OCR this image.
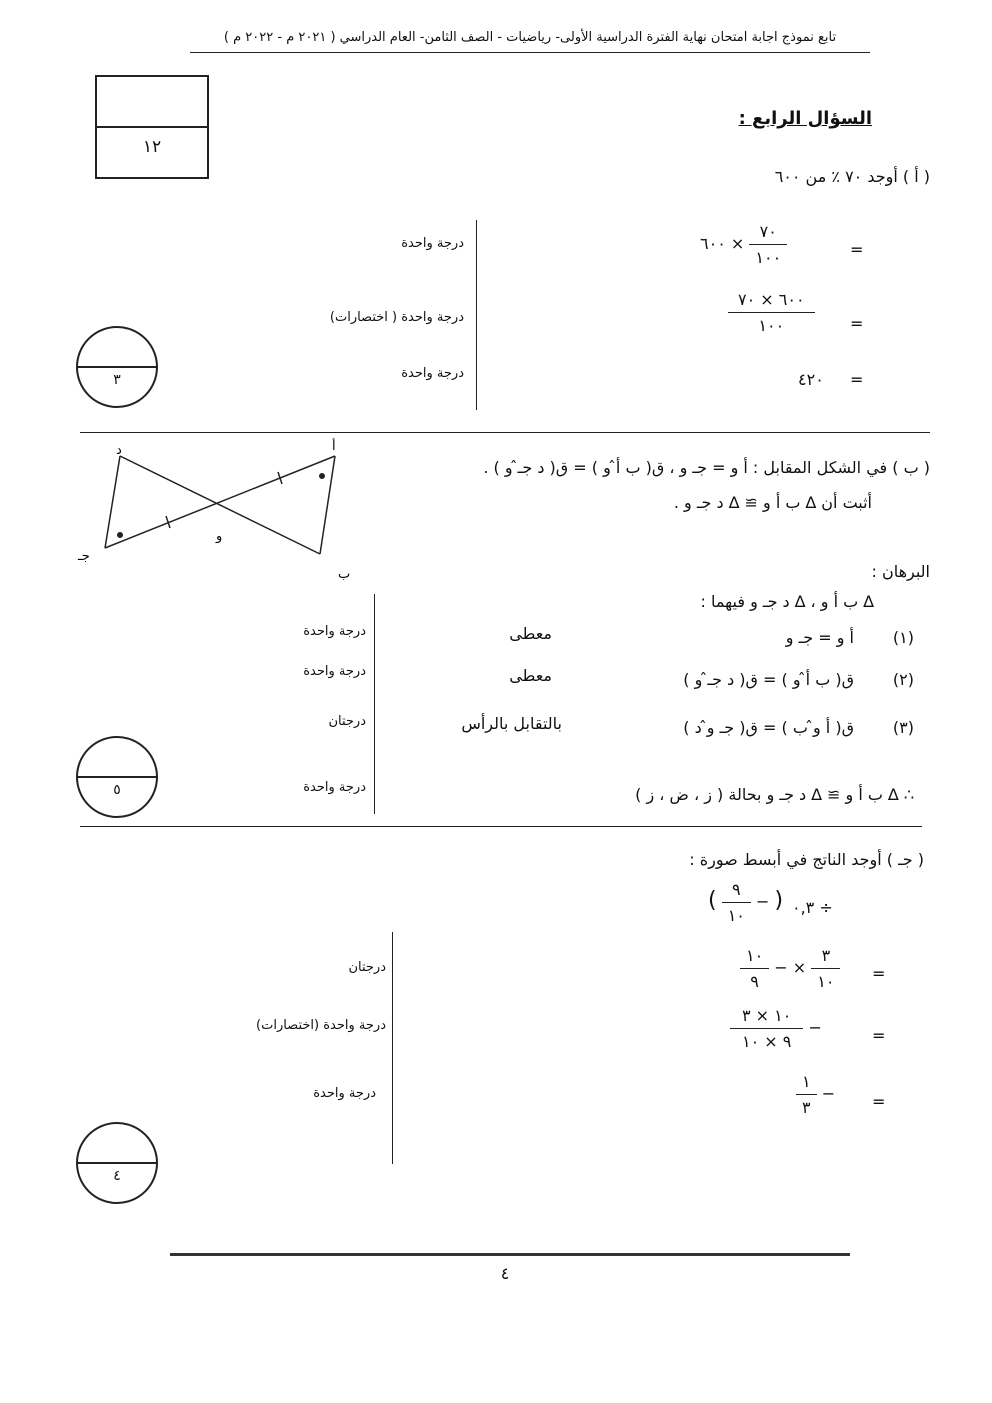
تابع نموذج اجابة امتحان نهاية الفترة الدراسية الأولى- رياضيات - الصف الثامن- العام الدراسي ( ٢٠٢١ م - ٢٠٢٢ م )
١٢
السؤال الرابع :
( أ ) أوجد ٧٠ ٪ من ٦٠٠
٦٠٠ × $\frac{٧٠}{١٠٠}$	=
$\frac{٦٠٠ \times ٧٠}{١٠٠}$ =
٤٢٠ =
درجة واحدة
درجة واحدة ( اختصارات)
درجة واحدة
٣
( ب ) في الشكل المقابل : أ و = جـ و ، ق( ب أ̂ و ) = ق( د جـ̂ و ) .
أثبت أن ∆ ب أ و ≅ ∆ د جـ و .
أ
د
جـ
ب
و
البرهان :
∆ ب أ و ، ∆ د جـ و فيهما :
(١)
أ و = جـ و
معطى
درجة واحدة
(٢)
ق( ب أ̂ و ) = ق( د جـ̂ و )
معطى
درجة واحدة
(٣)
ق( أ و̂ ب ) = ق( جـ و̂ د )
بالتقابل بالرأس
درجتان
∴ ∆ ب أ و ≅ ∆ د جـ و بحالة ( ز ، ض ، ز )
درجة واحدة
٥
( جـ ) أوجد الناتج في أبسط صورة :
( $\frac{٩}{١٠}$ − ) ٠,٣ ÷
$\frac{١٠}{٩}$ − × $\frac{٣}{١٠}$ =
$\frac{١٠ \times ٣}{٩ \times ١٠}$ −	=
$\frac{١}{٣}$ − =
درجتان
درجة واحدة (اختصارات)
درجة واحدة
٤
٤
